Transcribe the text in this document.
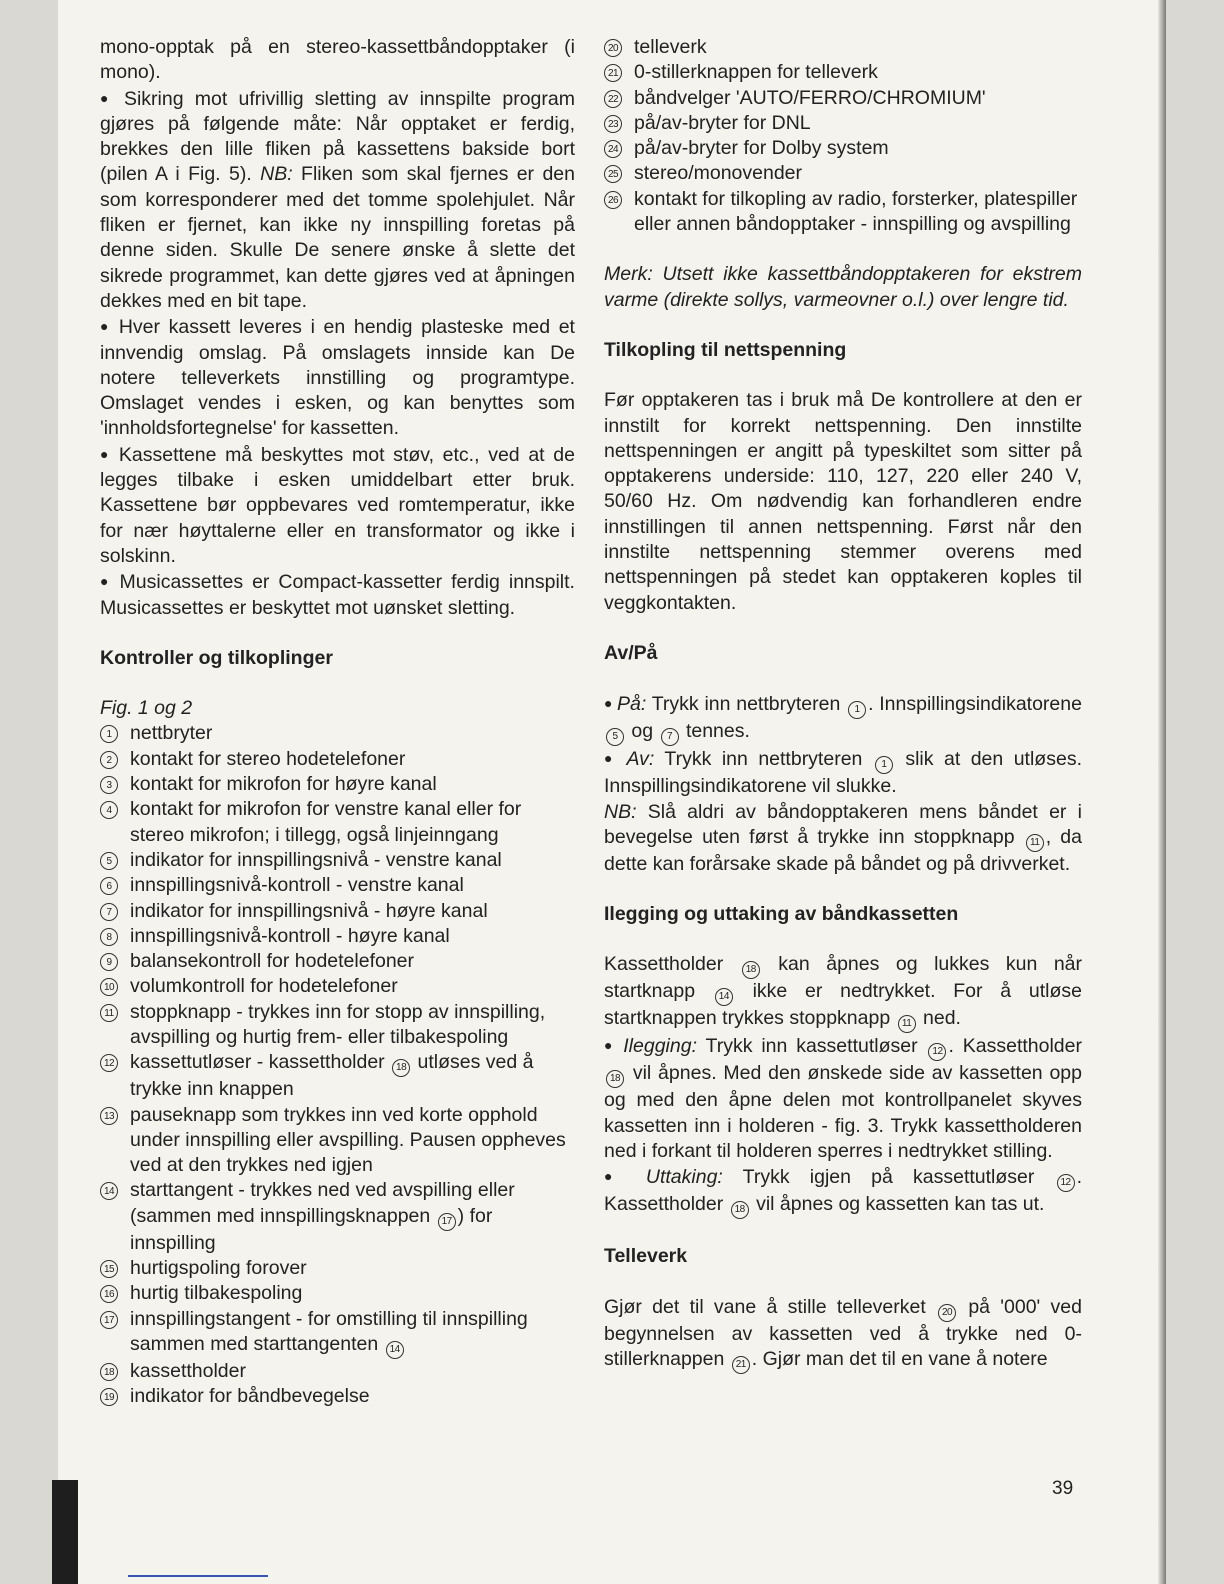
mono-opptak på en stereo-kassettbåndopptaker (i mono).

● Sikring mot ufrivillig sletting av innspilte program gjøres på følgende måte: Når opptaket er ferdig, brekkes den lille fliken på kassettens bakside bort (pilen A i Fig. 5). NB: Fliken som skal fjernes er den som korresponderer med det tomme spolehjulet. Når fliken er fjernet, kan ikke ny innspilling foretas på denne siden. Skulle De senere ønske å slette det sikrede programmet, kan dette gjøres ved at åpningen dekkes med en bit tape.

● Hver kassett leveres i en hendig plasteske med et innvendig omslag. På omslagets innside kan De notere telleverkets innstilling og programtype. Omslaget vendes i esken, og kan benyttes som 'innholdsfortegnelse' for kassetten.

● Kassettene må beskyttes mot støv, etc., ved at de legges tilbake i esken umiddelbart etter bruk. Kassettene bør oppbevares ved romtemperatur, ikke for nær høyttalerne eller en transformator og ikke i solskinn.

● Musicassettes er Compact-kassetter ferdig innspilt. Musicassettes er beskyttet mot uønsket sletting.

Kontroller og tilkoplinger

Fig. 1 og 2

1 nettbryter
2 kontakt for stereo hodetelefoner
3 kontakt for mikrofon for høyre kanal
4 kontakt for mikrofon for venstre kanal eller for stereo mikrofon; i tillegg, også linjeinngang
5 indikator for innspillingsnivå - venstre kanal
6 innspillingsnivå-kontroll - venstre kanal
7 indikator for innspillingsnivå - høyre kanal
8 innspillingsnivå-kontroll - høyre kanal
9 balansekontroll for hodetelefoner
10 volumkontroll for hodetelefoner
11 stoppknapp - trykkes inn for stopp av innspilling, avspilling og hurtig frem- eller tilbakespoling
12 kassettutløser - kassettholder 18 utløses ved å trykke inn knappen
13 pauseknapp som trykkes inn ved korte opphold under innspilling eller avspilling. Pausen oppheves ved at den trykkes ned igjen
14 starttangent - trykkes ned ved avspilling eller (sammen med innspillingsknappen 17 ) for innspilling
15 hurtigspoling forover
16 hurtig tilbakespoling
17 innspillingstangent - for omstilling til innspilling sammen med starttangenten 14
18 kassettholder
19 indikator for båndbevegelse
20 telleverk
21 0-stillerknappen for telleverk
22 båndvelger 'AUTO/FERRO/CHROMIUM'
23 på/av-bryter for DNL
24 på/av-bryter for Dolby system
25 stereo/monovender
26 kontakt for tilkopling av radio, forsterker, platespiller eller annen båndopptaker - innspilling og avspilling

Merk: Utsett ikke kassettbåndopptakeren for ekstrem varme (direkte sollys, varmeovner o.l.) over lengre tid.

Tilkopling til nettspenning

Før opptakeren tas i bruk må De kontrollere at den er innstilt for korrekt nettspenning. Den innstilte nettspenningen er angitt på typeskiltet som sitter på opptakerens underside: 110, 127, 220 eller 240 V, 50/60 Hz. Om nødvendig kan forhandleren endre innstillingen til annen nettspenning. Først når den innstilte nettspenning stemmer overens med nettspenningen på stedet kan opptakeren koples til veggkontakten.

Av/På

● På: Trykk inn nettbryteren 1 . Innspillingsindikatorene 5 og 7 tennes.

● Av: Trykk inn nettbryteren 1 slik at den utløses. Innspillingsindikatorene vil slukke.

NB: Slå aldri av båndopptakeren mens båndet er i bevegelse uten først å trykke inn stoppknapp 11 , da dette kan forårsake skade på båndet og på drivverket.

Ilegging og uttaking av båndkassetten

Kassettholder 18 kan åpnes og lukkes kun når startknapp 14 ikke er nedtrykket. For å utløse startknappen trykkes stoppknapp 11 ned.

● Ilegging: Trykk inn kassettutløser 12 . Kassettholder 18 vil åpnes. Med den ønskede side av kassetten opp og med den åpne delen mot kontrollpanelet skyves kassetten inn i holderen - fig. 3. Trykk kassettholderen ned i forkant til holderen sperres i nedtrykket stilling.

● Uttaking: Trykk igjen på kassettutløser 12 . Kassettholder 18 vil åpnes og kassetten kan tas ut.

Telleverk

Gjør det til vane å stille telleverket 20 på '000' ved begynnelsen av kassetten ved å trykke ned 0-stillerknappen 21 . Gjør man det til en vane å notere

39
